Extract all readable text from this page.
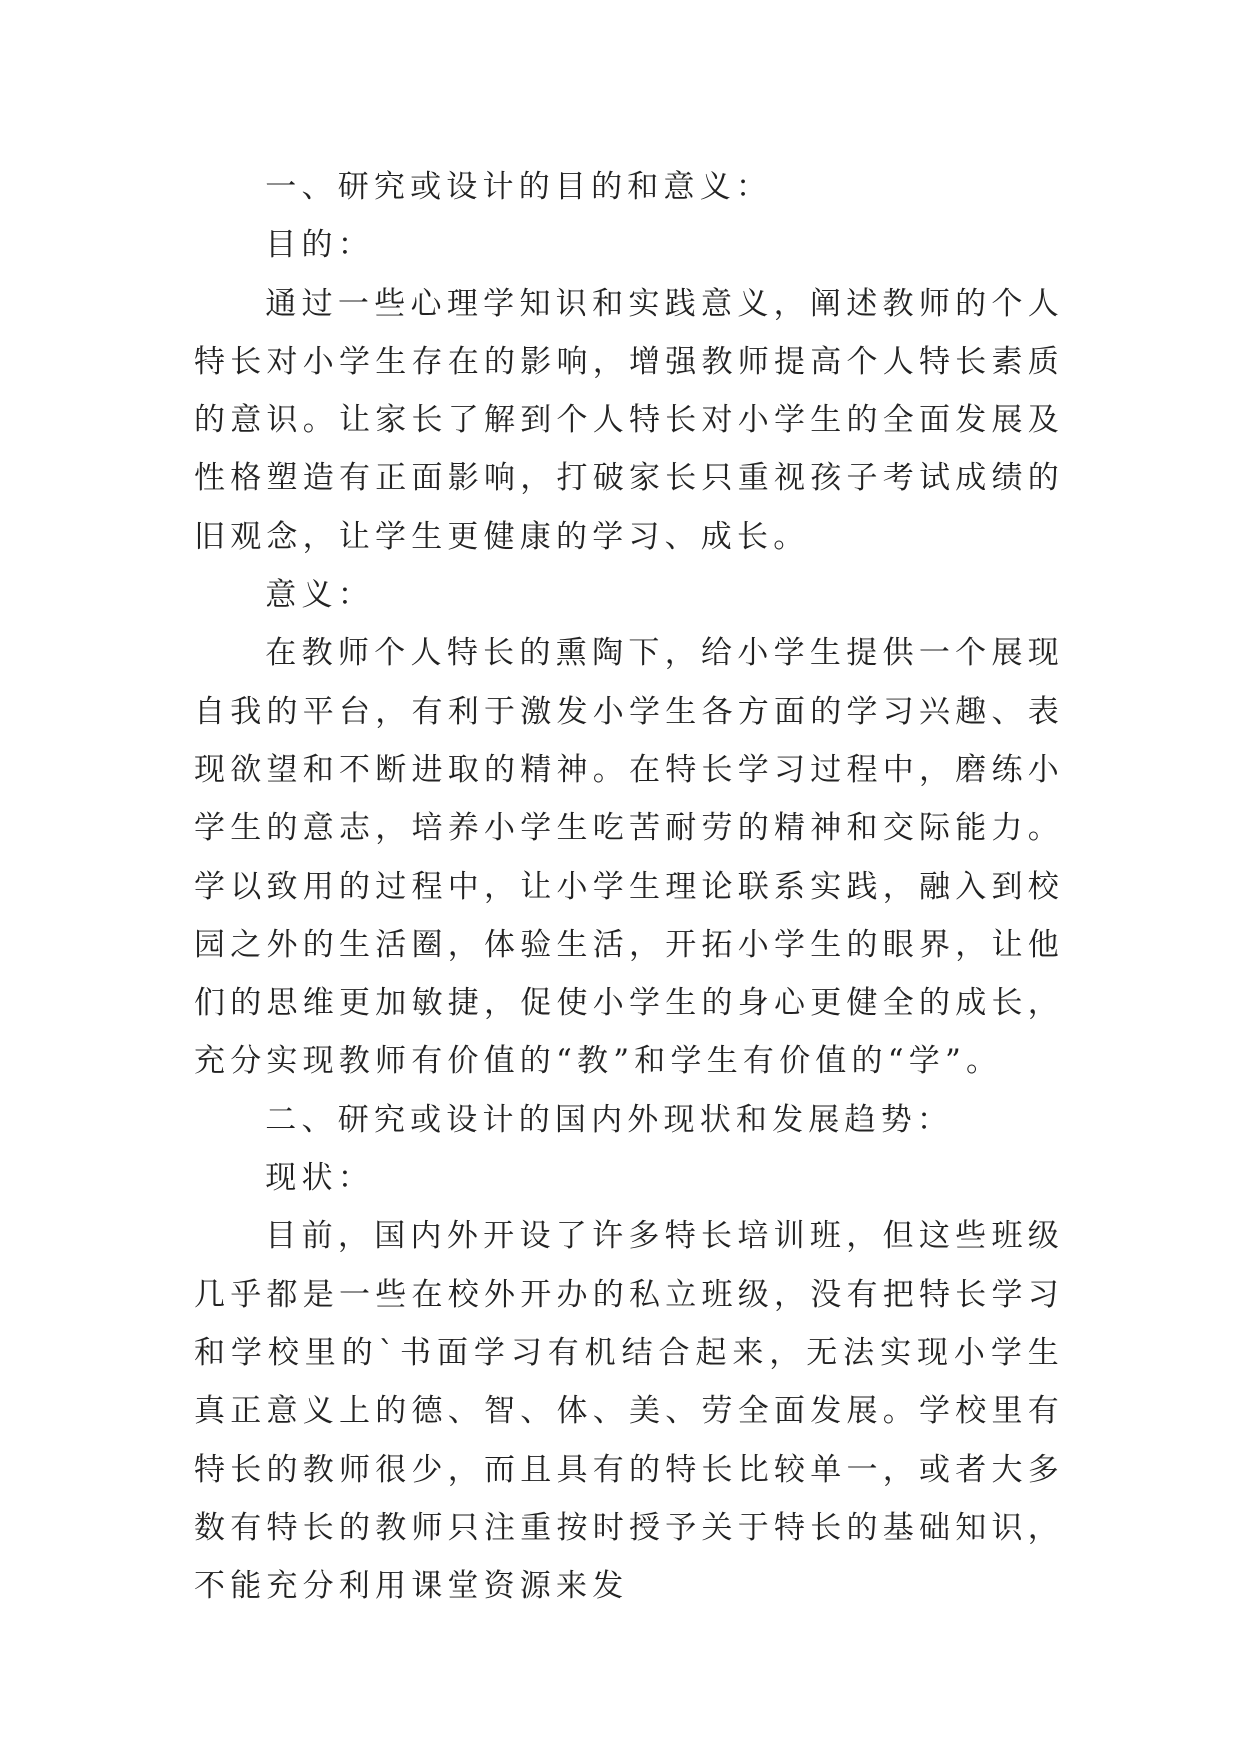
一、研究或设计的目的和意义：

目的：

通过一些心理学知识和实践意义，阐述教师的个人特长对小学生存在的影响，增强教师提高个人特长素质的意识。让家长了解到个人特长对小学生的全面发展及性格塑造有正面影响，打破家长只重视孩子考试成绩的旧观念，让学生更健康的学习、成长。

意义：

在教师个人特长的熏陶下，给小学生提供一个展现自我的平台，有利于激发小学生各方面的学习兴趣、表现欲望和不断进取的精神。在特长学习过程中，磨练小学生的意志，培养小学生吃苦耐劳的精神和交际能力。学以致用的过程中，让小学生理论联系实践，融入到校园之外的生活圈，体验生活，开拓小学生的眼界，让他们的思维更加敏捷，促使小学生的身心更健全的成长，充分实现教师有价值的“教”和学生有价值的“学”。

二、研究或设计的国内外现状和发展趋势：

现状：

目前，国内外开设了许多特长培训班，但这些班级几乎都是一些在校外开办的私立班级，没有把特长学习和学校里的`书面学习有机结合起来，无法实现小学生真正意义上的德、智、体、美、劳全面发展。学校里有特长的教师很少，而且具有的特长比较单一，或者大多数有特长的教师只注重按时授予关于特长的基础知识，不能充分利用课堂资源来发
